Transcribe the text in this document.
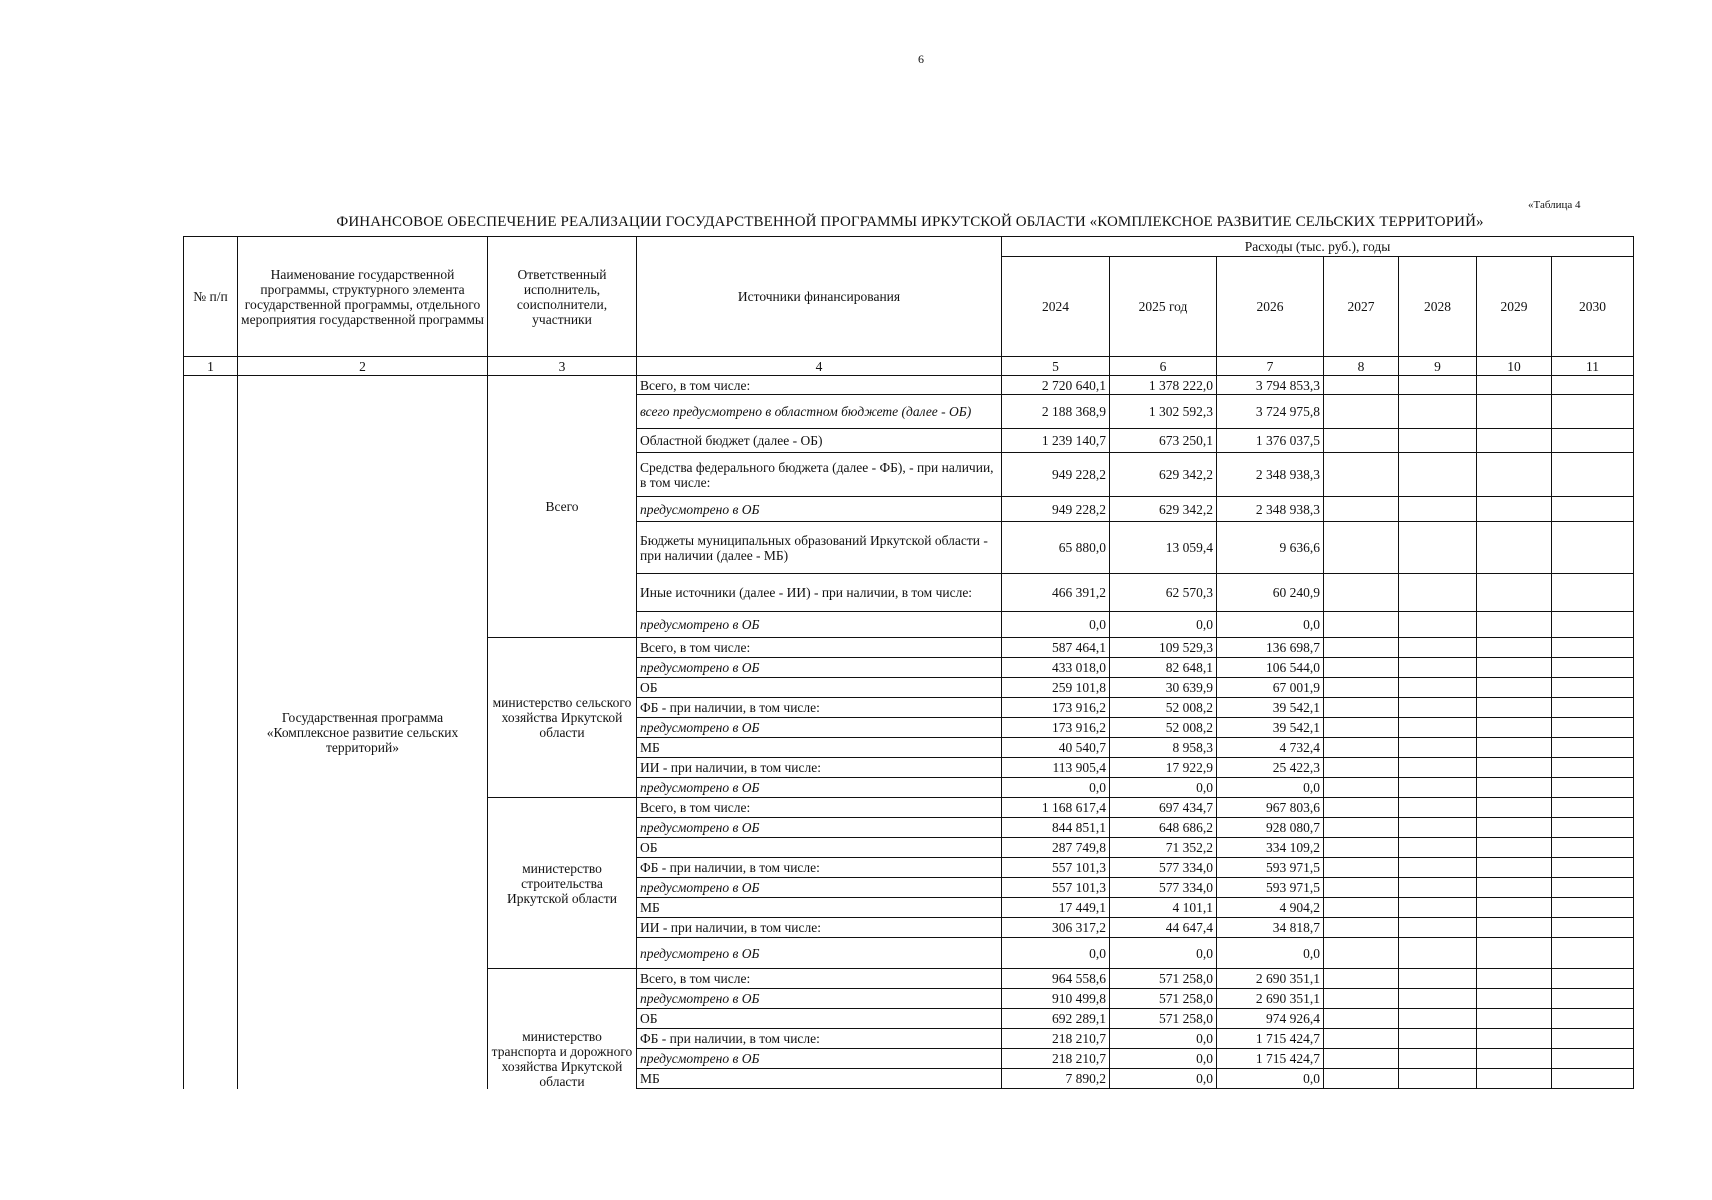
6
«Таблица 4
ФИНАНСОВОЕ ОБЕСПЕЧЕНИЕ РЕАЛИЗАЦИИ ГОСУДАРСТВЕННОЙ ПРОГРАММЫ ИРКУТСКОЙ ОБЛАСТИ «КОМПЛЕКСНОЕ РАЗВИТИЕ СЕЛЬСКИХ ТЕРРИТОРИЙ»
№ п/п	Наименование государственной программы, структурного элемента государственной программы, отдельного мероприятия государственной программы	Ответственный исполнитель, соисполнители, участники	Источники финансирования	Расходы (тыс. руб.), годы						
				2024	2025 год	2026	2027	2028	2029	2030
1	2	3	4	5	6	7	8	9	10	11
	Государственная программа «Комплексное развитие сельских территорий»	Всего	Всего, в том числе:	2 720 640,1	1 378 222,0	3 794 853,3				
			всего предусмотрено в областном бюджете (далее - ОБ)	2 188 368,9	1 302 592,3	3 724 975,8				
			Областной бюджет (далее - ОБ)	1 239 140,7	673 250,1	1 376 037,5				
			Средства федерального бюджета (далее - ФБ), - при наличии, в том числе:	949 228,2	629 342,2	2 348 938,3				
			предусмотрено в ОБ	949 228,2	629 342,2	2 348 938,3				
			Бюджеты муниципальных образований Иркутской области - при наличии (далее - МБ)	65 880,0	13 059,4	9 636,6				
			Иные источники (далее - ИИ) - при наличии, в том числе:	466 391,2	62 570,3	60 240,9				
			предусмотрено в ОБ	0,0	0,0	0,0				
		министерство сельского хозяйства Иркутской области	Всего, в том числе:	587 464,1	109 529,3	136 698,7				
			предусмотрено в ОБ	433 018,0	82 648,1	106 544,0				
			ОБ	259 101,8	30 639,9	67 001,9				
			ФБ - при наличии, в том числе:	173 916,2	52 008,2	39 542,1				
			предусмотрено в ОБ	173 916,2	52 008,2	39 542,1				
			МБ	40 540,7	8 958,3	4 732,4				
			ИИ - при наличии, в том числе:	113 905,4	17 922,9	25 422,3				
			предусмотрено в ОБ	0,0	0,0	0,0				
		министерство строительства Иркутской области	Всего, в том числе:	1 168 617,4	697 434,7	967 803,6				
			предусмотрено в ОБ	844 851,1	648 686,2	928 080,7				
			ОБ	287 749,8	71 352,2	334 109,2				
			ФБ - при наличии, в том числе:	557 101,3	577 334,0	593 971,5				
			предусмотрено в ОБ	557 101,3	577 334,0	593 971,5				
			МБ	17 449,1	4 101,1	4 904,2				
			ИИ - при наличии, в том числе:	306 317,2	44 647,4	34 818,7				
			предусмотрено в ОБ	0,0	0,0	0,0				
		министерство транспорта и дорожного хозяйства Иркутской области	Всего, в том числе:	964 558,6	571 258,0	2 690 351,1				
			предусмотрено в ОБ	910 499,8	571 258,0	2 690 351,1				
			ОБ	692 289,1	571 258,0	974 926,4				
			ФБ - при наличии, в том числе:	218 210,7	0,0	1 715 424,7				
			предусмотрено в ОБ	218 210,7	0,0	1 715 424,7				
			МБ	7 890,2	0,0	0,0				
